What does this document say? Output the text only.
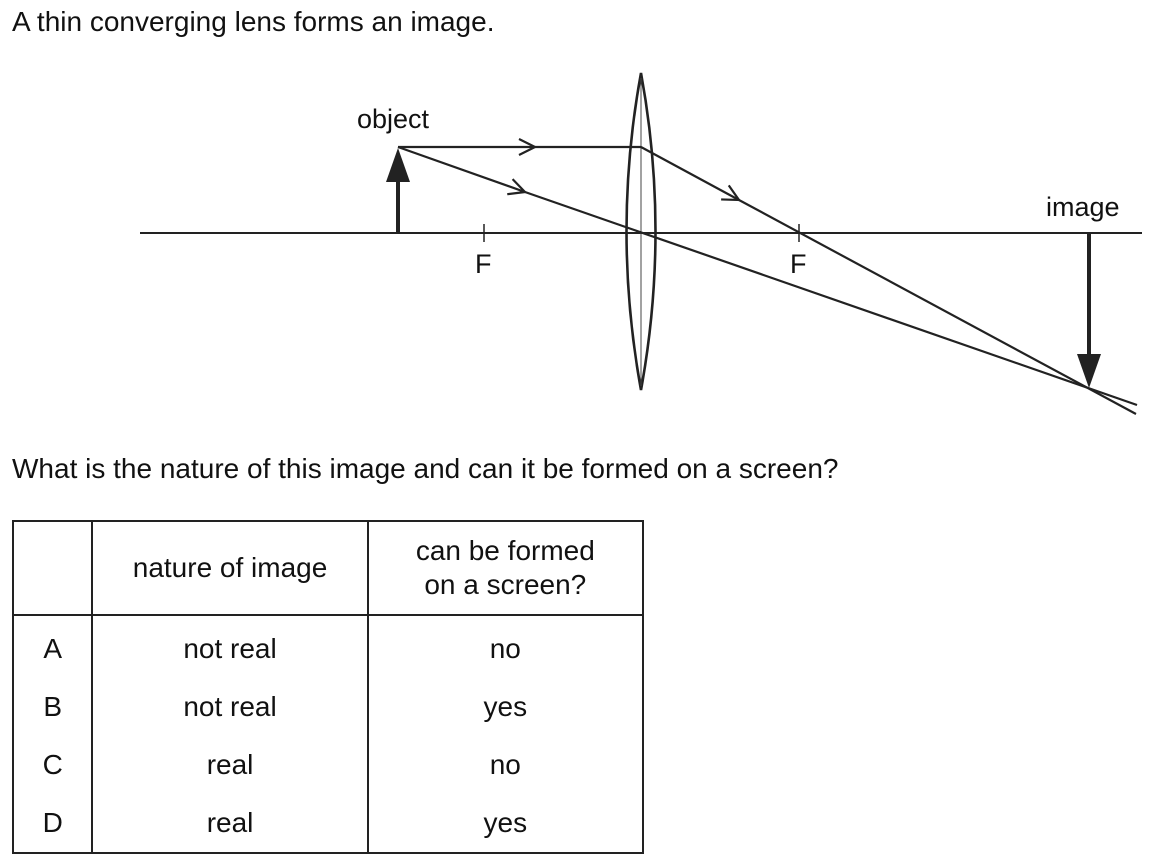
A thin converging lens forms an image.

object
image
F	F

What is the nature of this image and can it be formed on a screen?

	nature of image	can be formed
on a screen?

A	not real	no
B	not real	yes
C	real	no
D	real	yes
